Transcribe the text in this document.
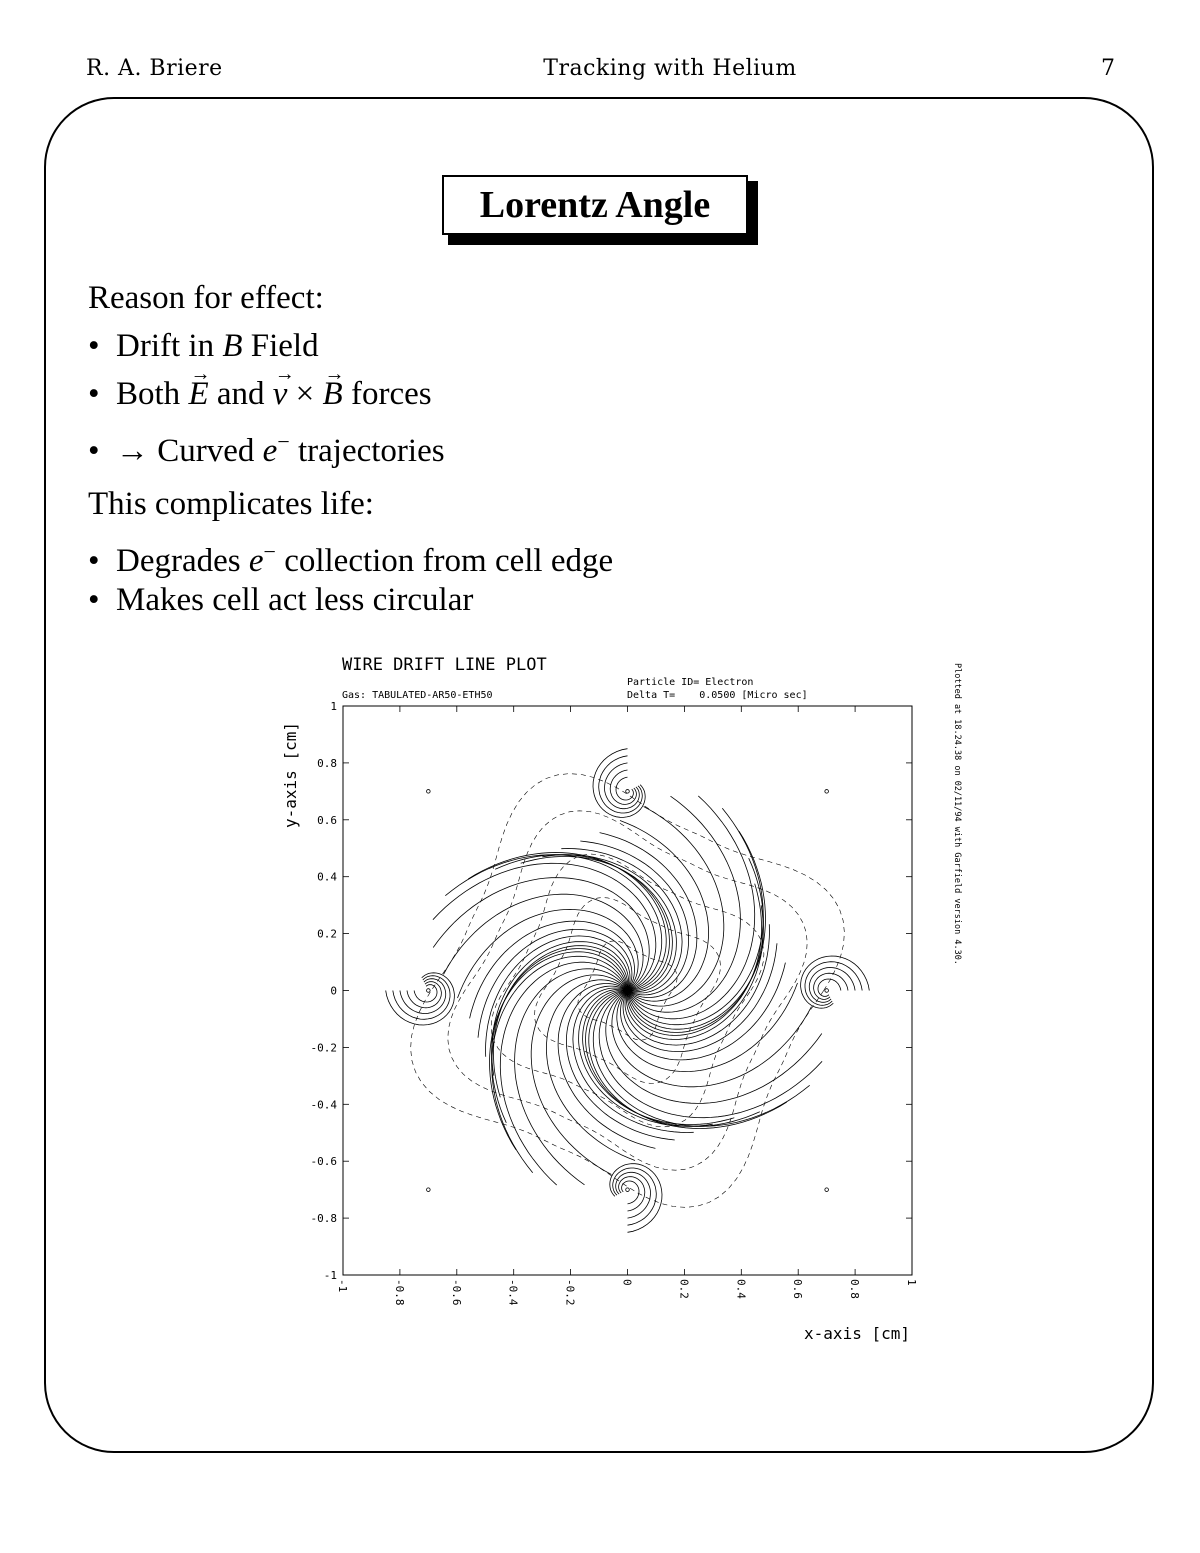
R. A. Briere	Tracking with Helium	7
Lorentz Angle
Reason for effect:
• Drift in B Field
• Both → E and → v × → B forces
• → Curved e− trajectories
This complicates life:
• Degrades e− collection from cell edge
• Makes cell act less circular
WIRE DRIFT LINE PLOT
Gas: TABULATED-AR50-ETH50
Particle ID= Electron
Delta T=    0.0500 [Micro sec]	Plotted at 18.24.38 on 02/11/94 with Garfield version 4.30.
y-axis [cm]
x-axis [cm]
-1	-0.8	-0.6	-0.4	-0.2	0	0.2	0.4	0.6	0.8	1
1
0.8
0.6
0.4
0.2
0
-0.2
-0.4
-0.6
-0.8
-1
